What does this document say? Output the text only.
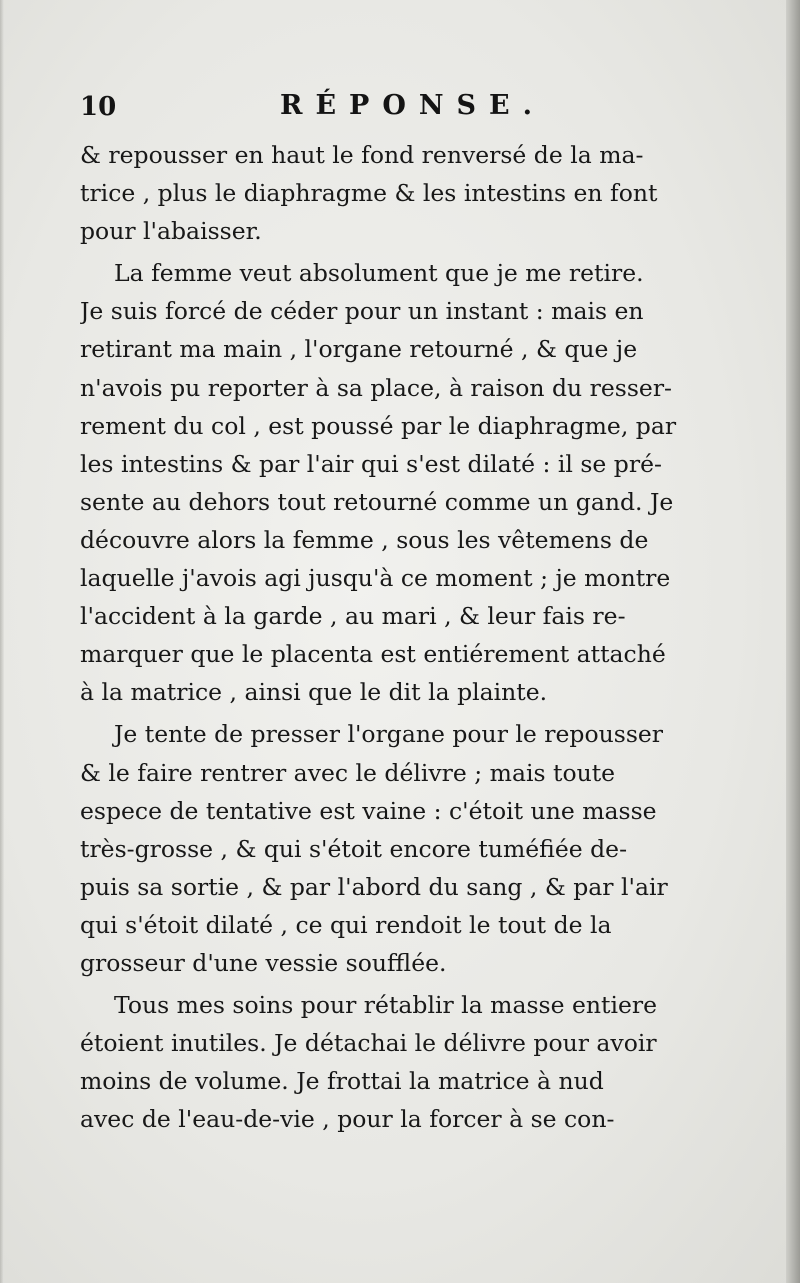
10	RÉPONSE.
& repousser en haut le fond renversé de la ma-
trice , plus le diaphragme & les intestins en font
pour l'abaisser.
La femme veut absolument que je me retire.
Je suis forcé de céder pour un instant : mais en
retirant ma main , l'organe retourné , & que je
n'avois pu reporter à sa place, à raison du resser-
rement du col , est poussé par le diaphragme, par
les intestins & par l'air qui s'est dilaté : il se pré-
sente au dehors tout retourné comme un gand. Je
découvre alors la femme , sous les vêtemens de
laquelle j'avois agi jusqu'à ce moment ; je montre
l'accident à la garde , au mari , & leur fais re-
marquer que le placenta est entiérement attaché
à la matrice , ainsi que le dit la plainte.
Je tente de presser l'organe pour le repousser
& le faire rentrer avec le délivre ; mais toute
espece de tentative est vaine : c'étoit une masse
très-grosse , & qui s'étoit encore tuméfiée de-
puis sa sortie , & par l'abord du sang , & par l'air
qui s'étoit dilaté , ce qui rendoit le tout de la
grosseur d'une vessie soufflée.
Tous mes soins pour rétablir la masse entiere
étoient inutiles. Je détachai le délivre pour avoir
moins de volume. Je frottai la matrice à nud
avec de l'eau-de-vie , pour la forcer à se con-
